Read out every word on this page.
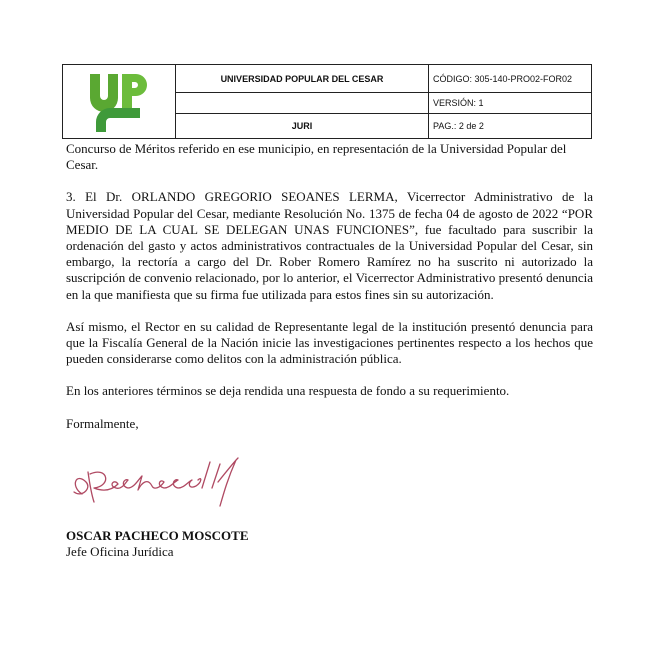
UNIVERSIDAD POPULAR DEL CESAR
JURI
CÓDIGO: 305-140-PRO02-FOR02
VERSIÓN: 1
PAG.: 2 de 2

Concurso de Méritos referido en ese municipio, en representación de la Universidad Popular del Cesar.

3. El Dr. ORLANDO GREGORIO SEOANES LERMA, Vicerrector Administrativo de la Universidad Popular del Cesar, mediante Resolución No. 1375 de fecha 04 de agosto de 2022 “POR MEDIO DE LA CUAL SE DELEGAN UNAS FUNCIONES”, fue facultado para suscribir la ordenación del gasto y actos administrativos contractuales de la Universidad Popular del Cesar, sin embargo, la rectoría a cargo del Dr. Rober Romero Ramírez no ha suscrito ni autorizado la suscripción de convenio relacionado, por lo anterior, el Vicerrector Administrativo presentó denuncia en la que manifiesta que su firma fue utilizada para estos fines sin su autorización.

Así mismo, el Rector en su calidad de Representante legal de la institución presentó denuncia para que la Fiscalía General de la Nación inicie las investigaciones pertinentes respecto a los hechos que pueden considerarse como delitos con la administración pública.

En los anteriores términos se deja rendida una respuesta de fondo a su requerimiento.

Formalmente,

OSCAR PACHECO MOSCOTE
Jefe Oficina Jurídica
